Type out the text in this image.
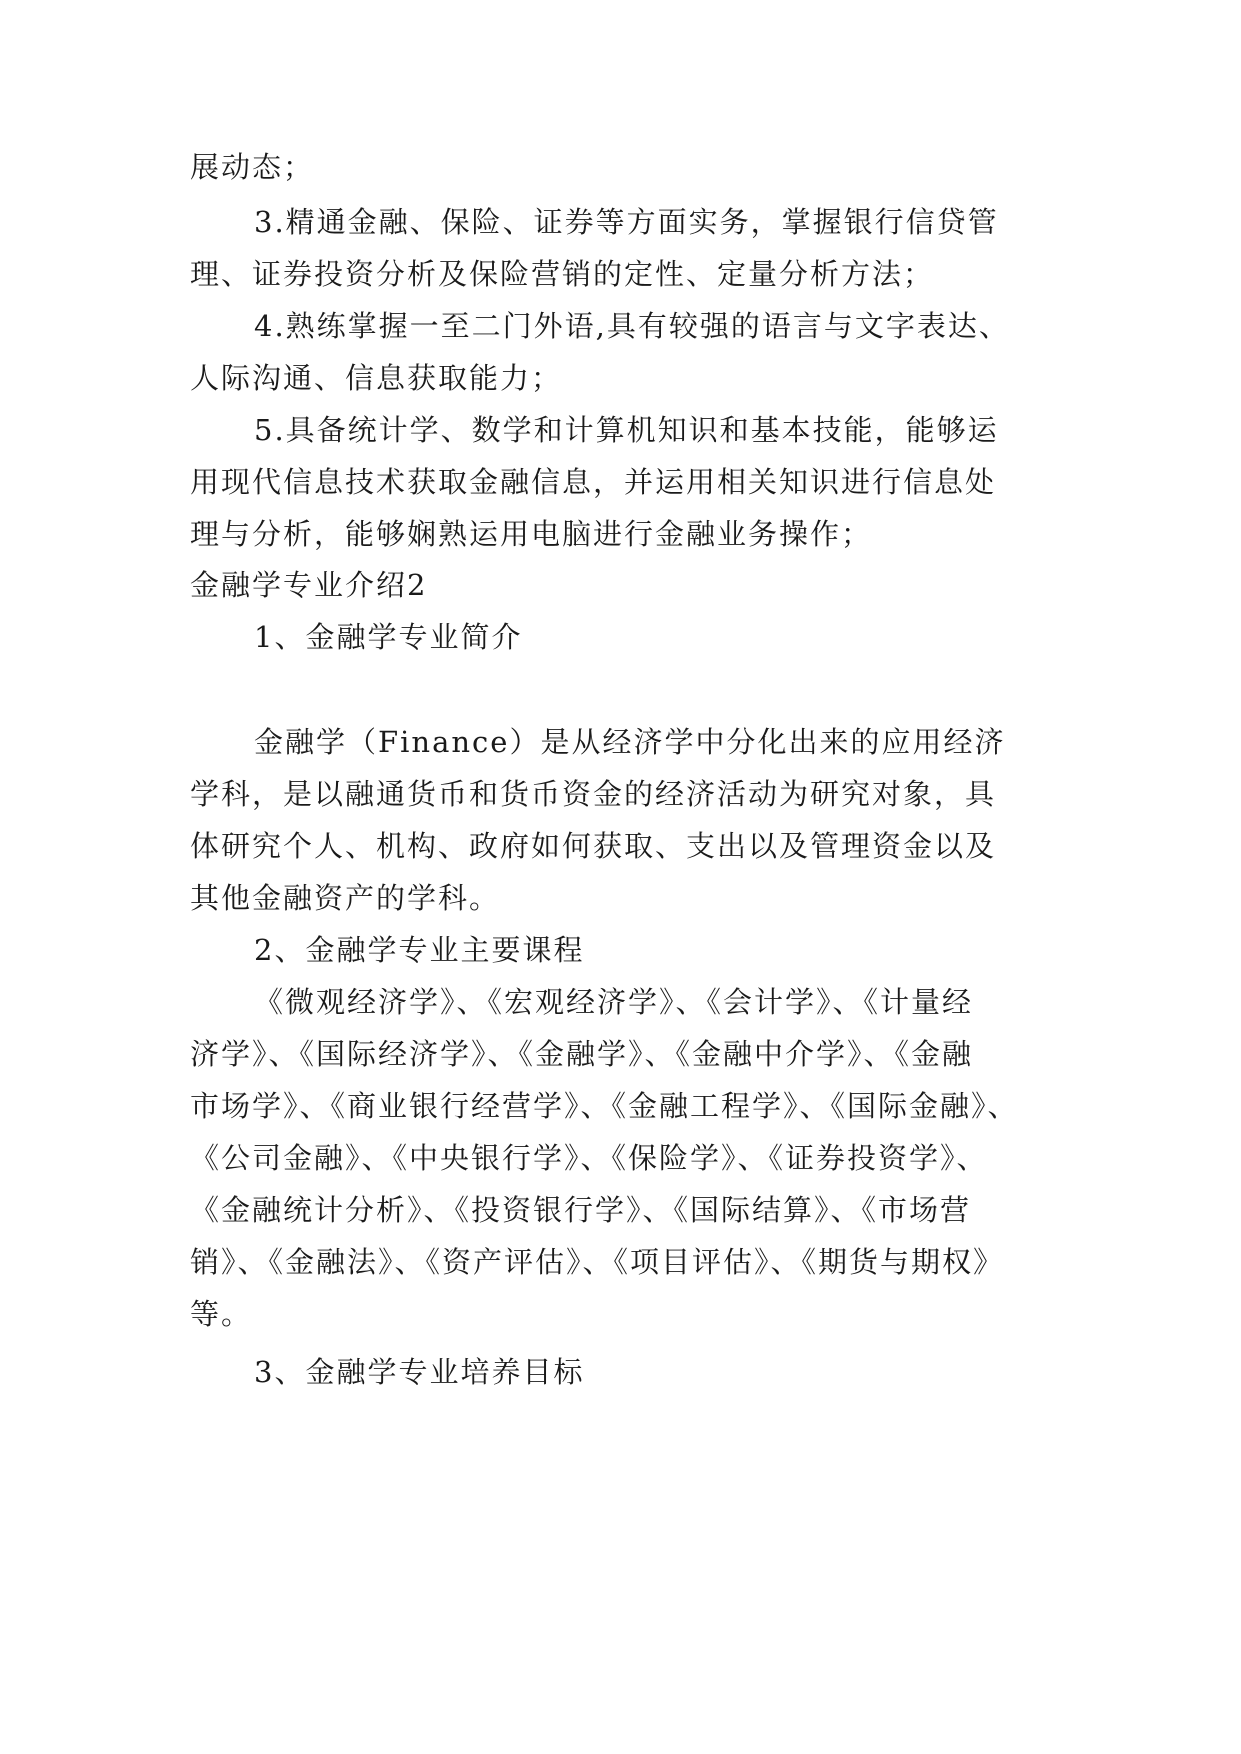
展动态；
3.精通金融、保险、证券等方面实务，掌握银行信贷管
理、证券投资分析及保险营销的定性、定量分析方法；
4.熟练掌握一至二门外语,具有较强的语言与文字表达、
人际沟通、信息获取能力；
5.具备统计学、数学和计算机知识和基本技能，能够运
用现代信息技术获取金融信息，并运用相关知识进行信息处
理与分析，能够娴熟运用电脑进行金融业务操作；
金融学专业介绍2
1、金融学专业简介
金融学（Finance）是从经济学中分化出来的应用经济
学科，是以融通货币和货币资金的经济活动为研究对象，具
体研究个人、机构、政府如何获取、支出以及管理资金以及
其他金融资产的学科。
2、金融学专业主要课程
《微观经济学》、《宏观经济学》、《会计学》、《计量经
济学》、《国际经济学》、《金融学》、《金融中介学》、《金融
市场学》、《商业银行经营学》、《金融工程学》、《国际金融》、
《公司金融》、《中央银行学》、《保险学》、《证券投资学》、
《金融统计分析》、《投资银行学》、《国际结算》、《市场营
销》、《金融法》、《资产评估》、《项目评估》、《期货与期权》
等。
3、金融学专业培养目标
